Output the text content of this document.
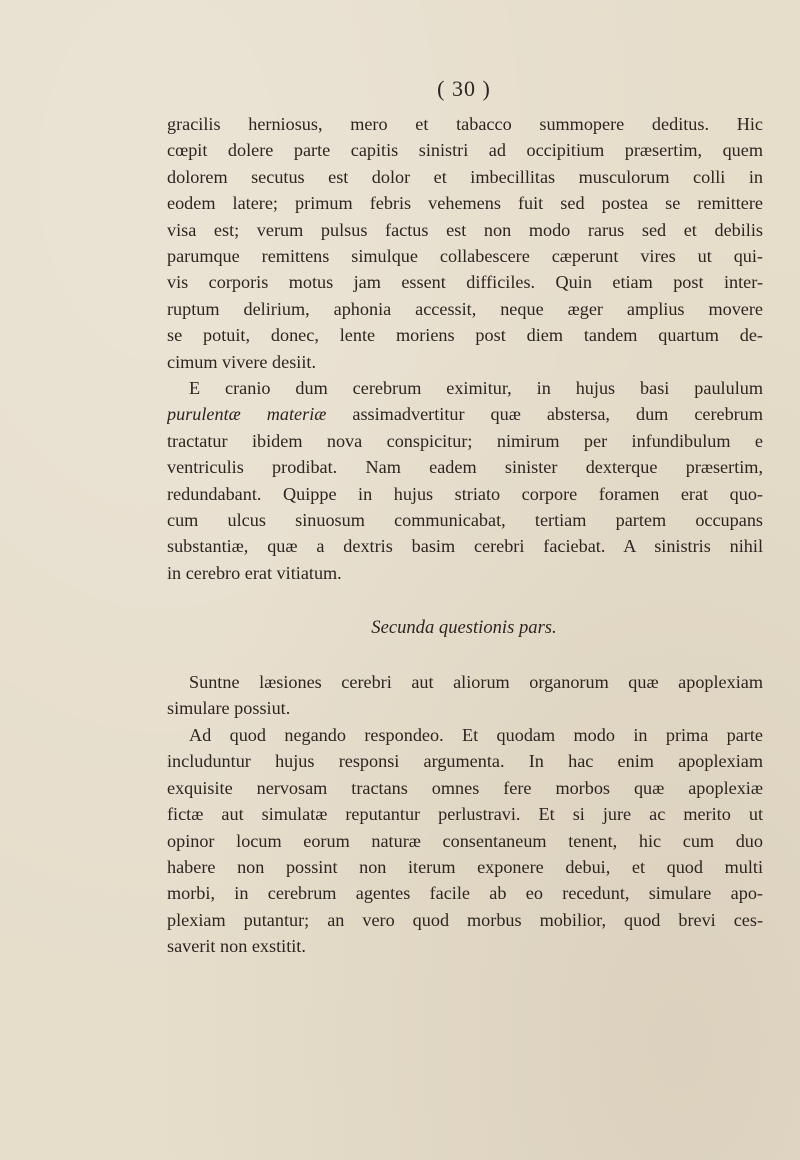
( 30 )
gracilis herniosus, mero et tabacco summopere deditus. Hic
cœpit dolere parte capitis sinistri ad occipitium præsertim, quem
dolorem secutus est dolor et imbecillitas musculorum colli in
eodem latere; primum febris vehemens fuit sed postea se remittere
visa est; verum pulsus factus est non modo rarus sed et debilis
parumque remittens simulque collabescere cæperunt vires ut qui-
vis corporis motus jam essent difficiles. Quin etiam post inter-
ruptum delirium, aphonia accessit, neque æger amplius movere
se potuit, donec, lente moriens post diem tandem quartum de-
cimum vivere desiit.
E cranio dum cerebrum eximitur, in hujus basi paululum
purulentæ materiæ assimadvertitur quæ abstersa, dum cerebrum
tractatur ibidem nova conspicitur; nimirum per infundibulum e
ventriculis prodibat. Nam eadem sinister dexterque præsertim,
redundabant. Quippe in hujus striato corpore foramen erat quo-
cum ulcus sinuosum communicabat, tertiam partem occupans
substantiæ, quæ a dextris basim cerebri faciebat. A sinistris nihil
in cerebro erat vitiatum.
Secunda questionis pars.
Suntne læsiones cerebri aut aliorum organorum quæ apoplexiam
simulare possiut.
Ad quod negando respondeo. Et quodam modo in prima parte
includuntur hujus responsi argumenta. In hac enim apoplexiam
exquisite nervosam tractans omnes fere morbos quæ apoplexiæ
fictæ aut simulatæ reputantur perlustravi. Et si jure ac merito ut
opinor locum eorum naturæ consentaneum tenent, hic cum duo
habere non possint non iterum exponere debui, et quod multi
morbi, in cerebrum agentes facile ab eo recedunt, simulare apo-
plexiam putantur; an vero quod morbus mobilior, quod brevi ces-
saverit non exstitit.
